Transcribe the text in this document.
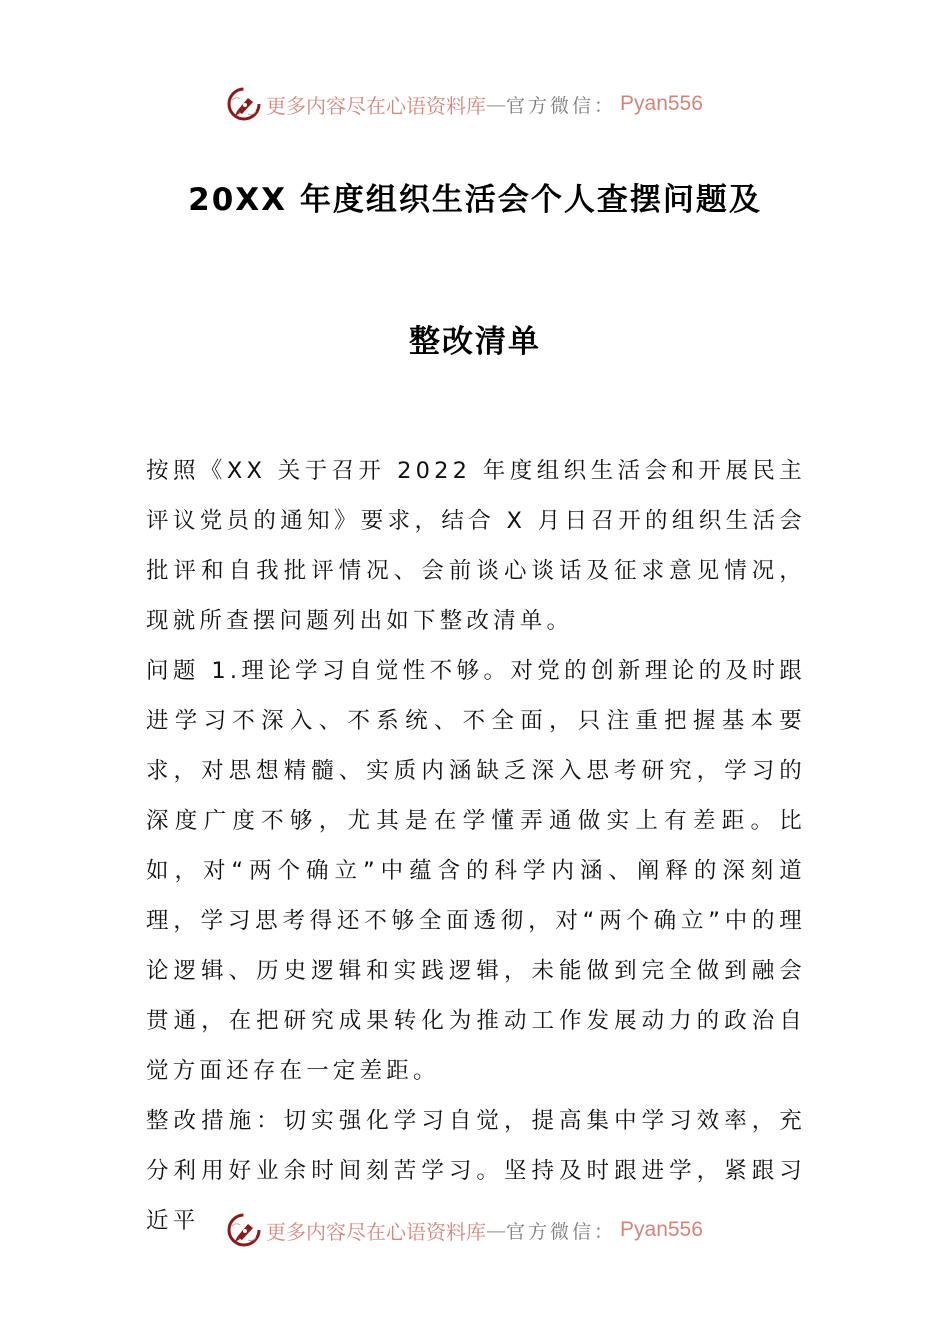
更多内容尽在心语资料库 — 官方微信： Pyan556
20XX 年度组织生活会个人查摆问题及
整改清单

按照《XX 关于召开 2022 年度组织生活会和开展民主评议党员的通知》要求，结合 X 月日召开的组织生活会批评和自我批评情况、会前谈心谈话及征求意见情况，现就所查摆问题列出如下整改清单。

问题 1.理论学习自觉性不够。对党的创新理论的及时跟进学习不深入、不系统、不全面，只注重把握基本要求，对思想精髓、实质内涵缺乏深入思考研究，学习的深度广度不够，尤其是在学懂弄通做实上有差距。比如，对“两个确立”中蕴含的科学内涵、阐释的深刻道理，学习思考得还不够全面透彻，对“两个确立”中的理论逻辑、历史逻辑和实践逻辑，未能做到完全做到融会贯通，在把研究成果转化为推动工作发展动力的政治自觉方面还存在一定差距。

整改措施：切实强化学习自觉，提高集中学习效率，充分利用好业余时间刻苦学习。坚持及时跟进学，紧跟习近平	更多内容尽在心语资料库 — 官方微信： Pyan556
